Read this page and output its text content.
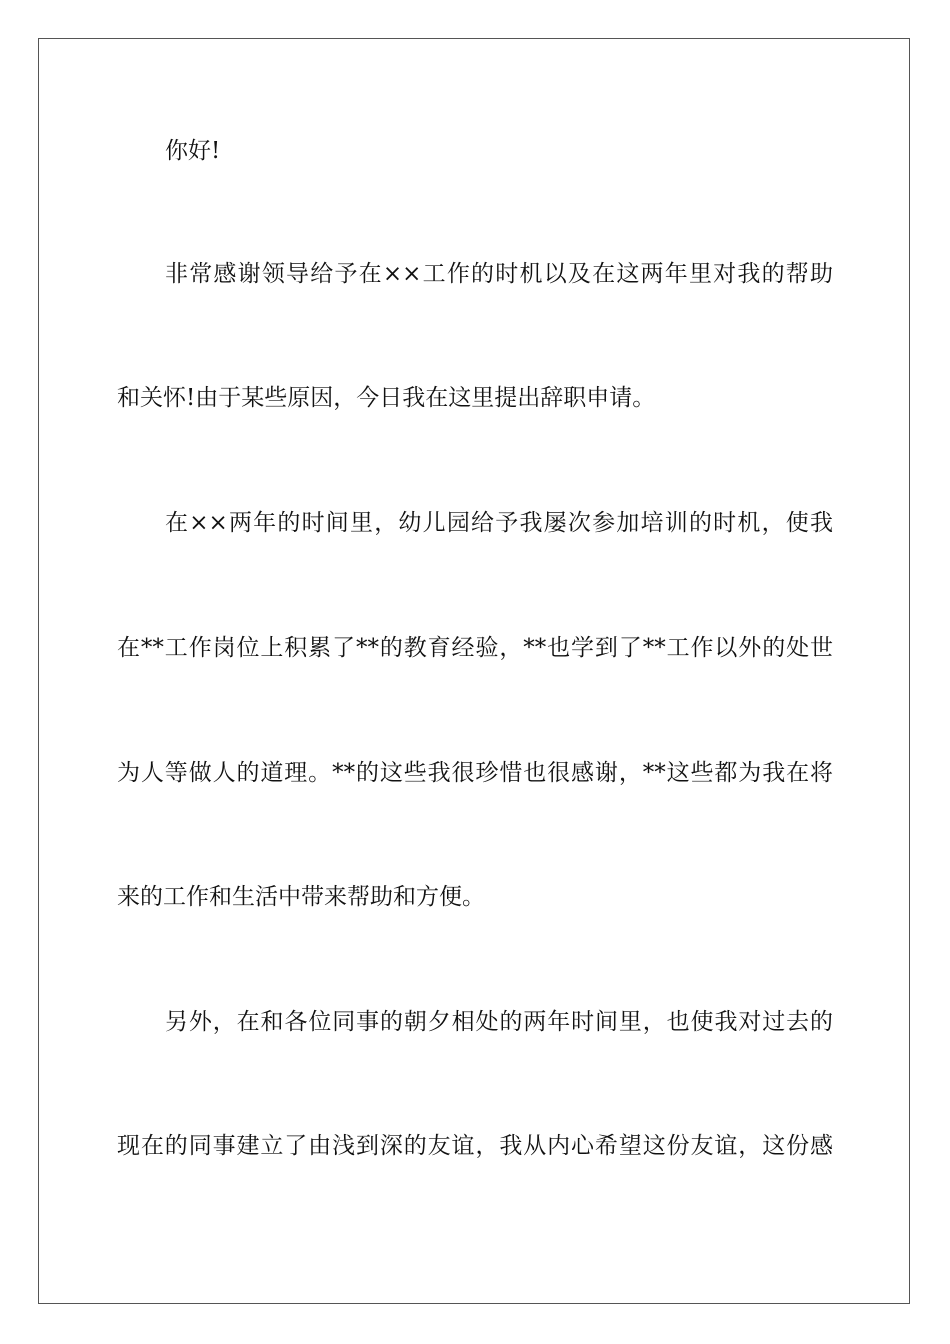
你好!
非常感谢领导给予在××工作的时机以及在这两年里对我的帮助
和关怀!由于某些原因，今日我在这里提出辞职申请。
在××两年的时间里，幼儿园给予我屡次参加培训的时机，使我
在**工作岗位上积累了**的教育经验，**也学到了**工作以外的处世
为人等做人的道理。**的这些我很珍惜也很感谢，**这些都为我在将
来的工作和生活中带来帮助和方便。
另外，在和各位同事的朝夕相处的两年时间里，也使我对过去的
现在的同事建立了由浅到深的友谊，我从内心希望这份友谊，这份感
